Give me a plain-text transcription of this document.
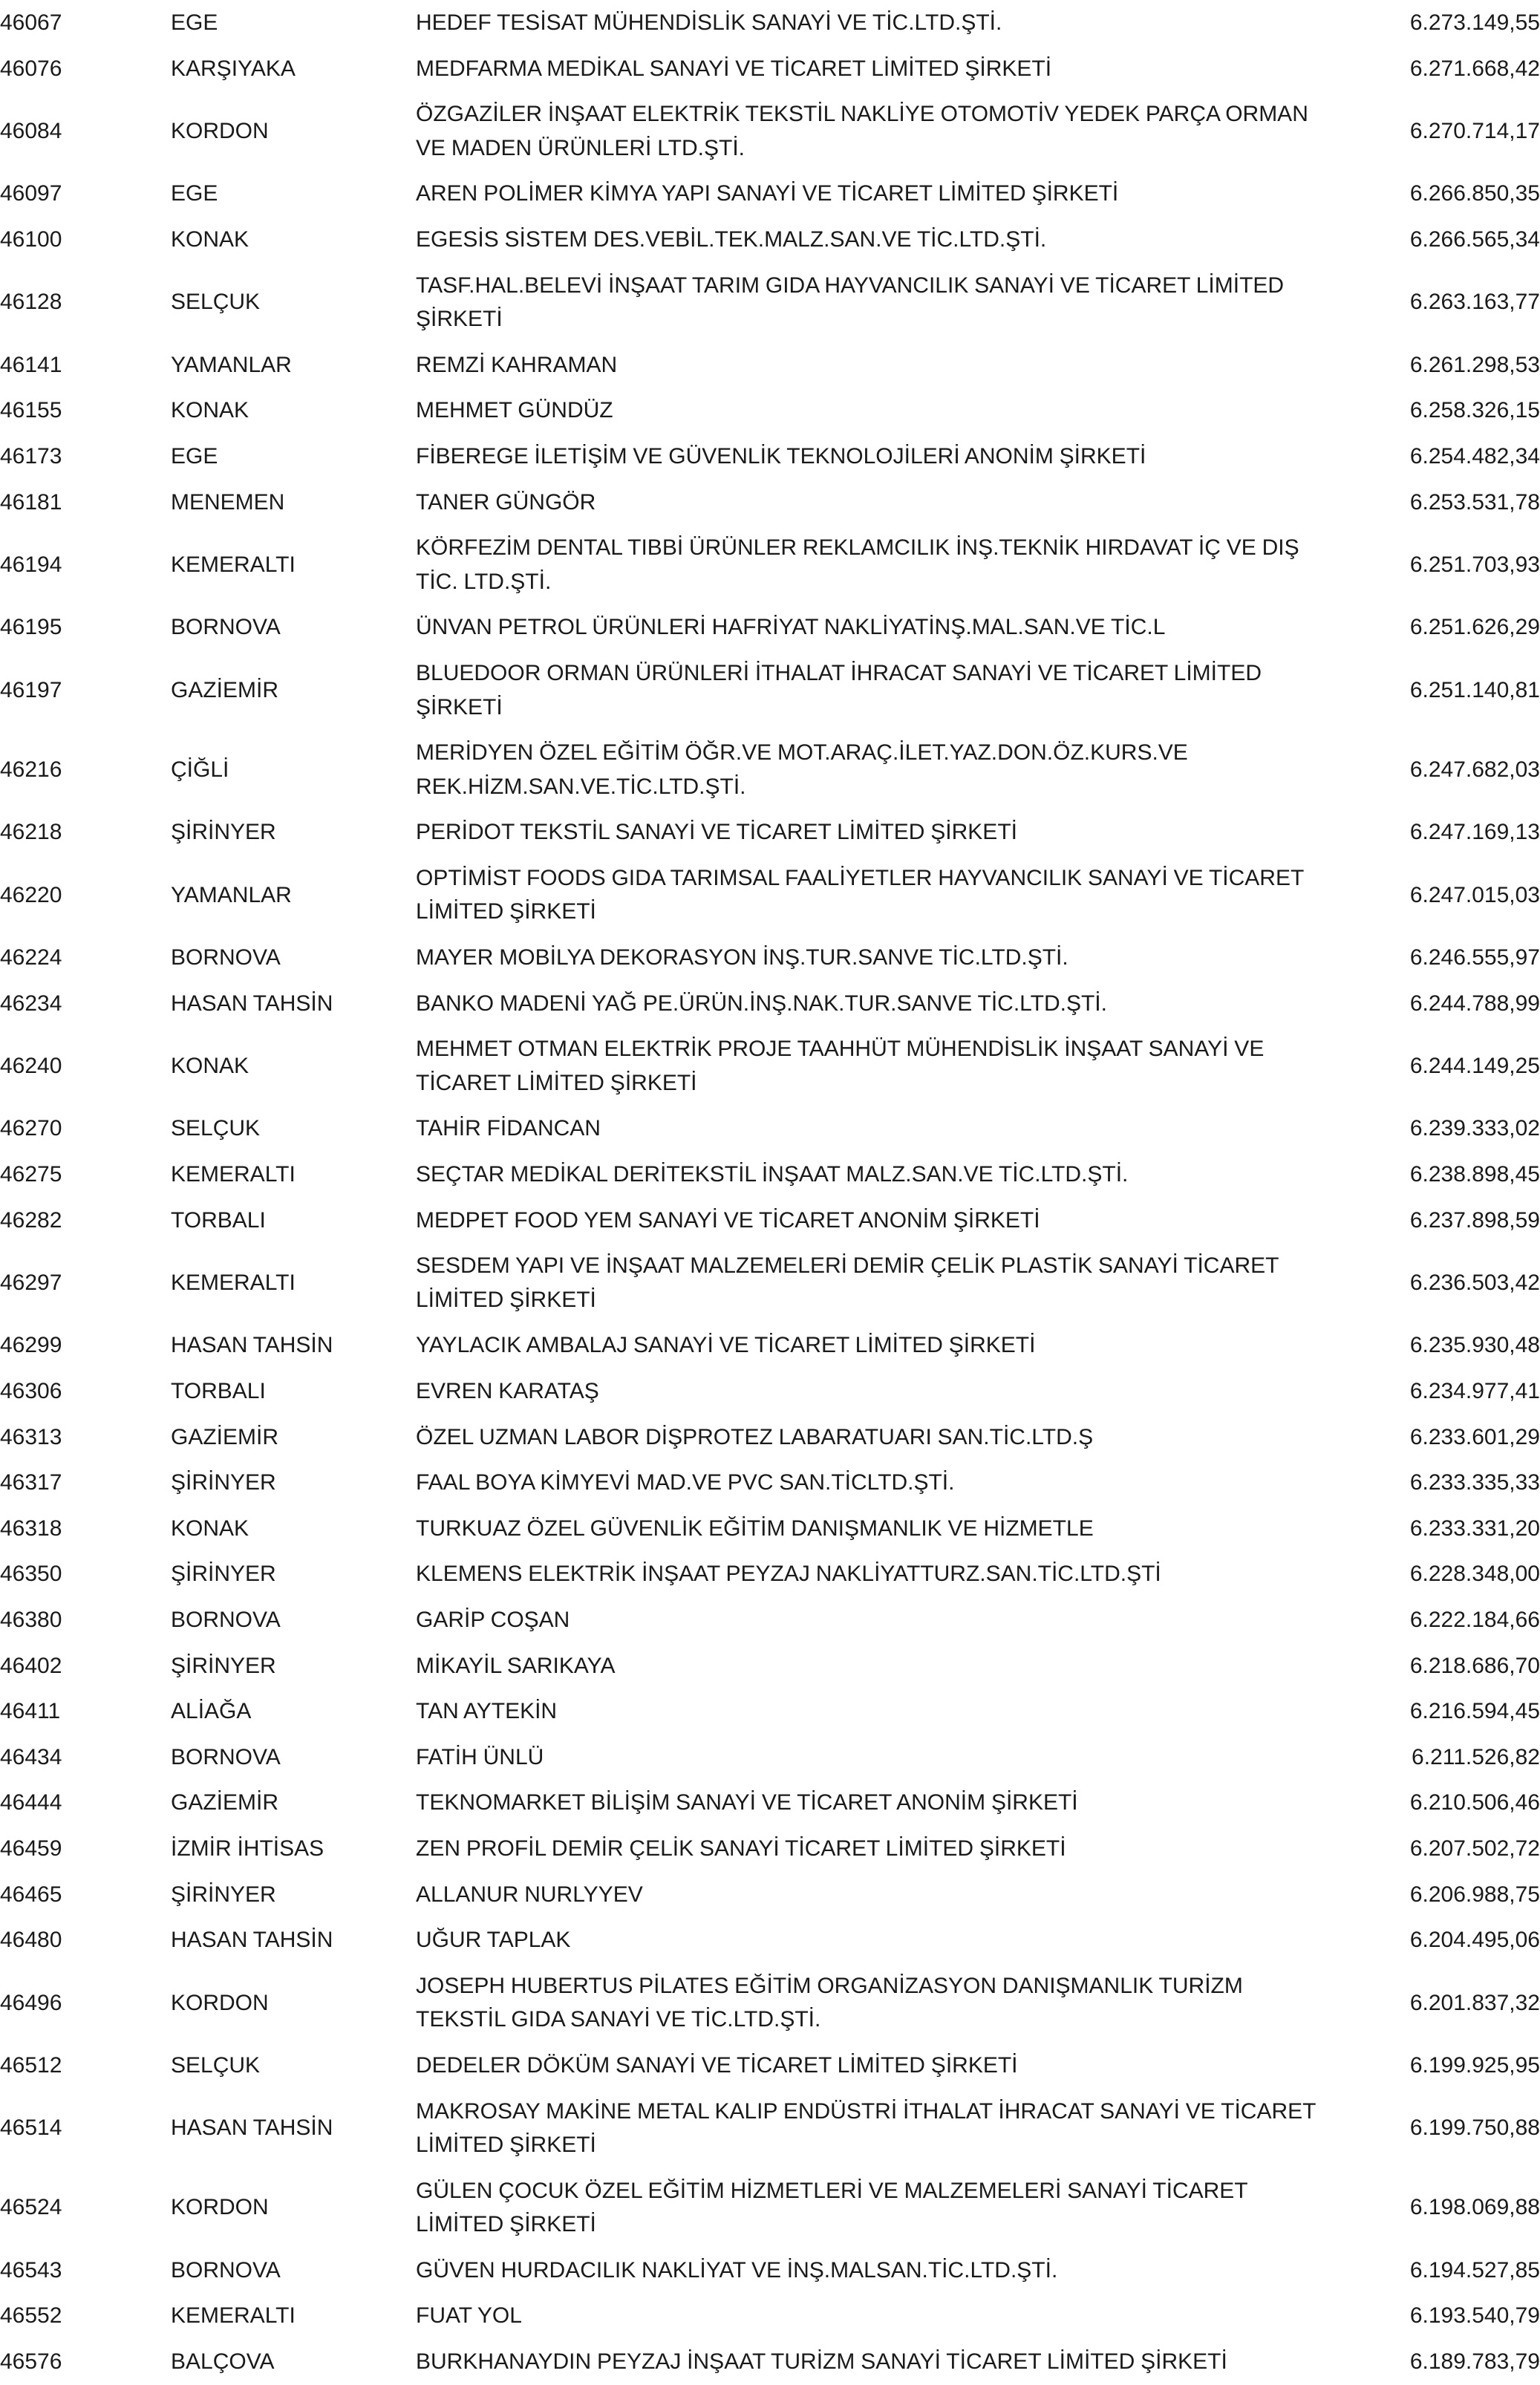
46067		EGE		HEDEF TESİSAT MÜHENDİSLİK SANAYİ VE TİC.LTD.ŞTİ.	6.273.149,55
46076		KARŞIYAKA		MEDFARMA MEDİKAL SANAYİ VE TİCARET LİMİTED ŞİRKETİ	6.271.668,42
46084		KORDON		ÖZGAZİLER İNŞAAT ELEKTRİK TEKSTİL NAKLİYE OTOMOTİV YEDEK PARÇA ORMAN VE MADEN ÜRÜNLERİ LTD.ŞTİ.	6.270.714,17
46097		EGE		AREN POLİMER KİMYA YAPI SANAYİ VE TİCARET LİMİTED ŞİRKETİ	6.266.850,35
46100		KONAK		EGESİS SİSTEM DES.VEBİL.TEK.MALZ.SAN.VE TİC.LTD.ŞTİ.	6.266.565,34
46128		SELÇUK		TASF.HAL.BELEVİ İNŞAAT TARIM GIDA HAYVANCILIK SANAYİ VE TİCARET LİMİTED ŞİRKETİ	6.263.163,77
46141		YAMANLAR		REMZİ KAHRAMAN	6.261.298,53
46155		KONAK		MEHMET GÜNDÜZ	6.258.326,15
46173		EGE		FİBEREGE İLETİŞİM VE GÜVENLİK TEKNOLOJİLERİ ANONİM ŞİRKETİ	6.254.482,34
46181		MENEMEN		TANER GÜNGÖR	6.253.531,78
46194		KEMERALTI		KÖRFEZİM DENTAL TIBBİ ÜRÜNLER REKLAMCILIK İNŞ.TEKNİK HIRDAVAT İÇ VE DIŞ TİC. LTD.ŞTİ.	6.251.703,93
46195		BORNOVA		ÜNVAN PETROL ÜRÜNLERİ HAFRİYAT NAKLİYATİNŞ.MAL.SAN.VE TİC.L	6.251.626,29
46197		GAZİEMİR		BLUEDOOR ORMAN ÜRÜNLERİ İTHALAT İHRACAT SANAYİ VE TİCARET LİMİTED ŞİRKETİ	6.251.140,81
46216		ÇİĞLİ		MERİDYEN ÖZEL EĞİTİM ÖĞR.VE MOT.ARAÇ.İLET.YAZ.DON.ÖZ.KURS.VE REK.HİZM.SAN.VE.TİC.LTD.ŞTİ.	6.247.682,03
46218		ŞİRİNYER		PERİDOT TEKSTİL SANAYİ VE TİCARET LİMİTED ŞİRKETİ	6.247.169,13
46220		YAMANLAR		OPTİMİST FOODS GIDA TARIMSAL FAALİYETLER HAYVANCILIK SANAYİ VE TİCARET LİMİTED ŞİRKETİ	6.247.015,03
46224		BORNOVA		MAYER MOBİLYA DEKORASYON İNŞ.TUR.SANVE TİC.LTD.ŞTİ.	6.246.555,97
46234		HASAN TAHSİN		BANKO MADENİ YAĞ PE.ÜRÜN.İNŞ.NAK.TUR.SANVE TİC.LTD.ŞTİ.	6.244.788,99
46240		KONAK		MEHMET OTMAN ELEKTRİK PROJE TAAHHÜT MÜHENDİSLİK İNŞAAT SANAYİ VE TİCARET LİMİTED ŞİRKETİ	6.244.149,25
46270		SELÇUK		TAHİR FİDANCAN	6.239.333,02
46275		KEMERALTI		SEÇTAR MEDİKAL DERİTEKSTİL İNŞAAT MALZ.SAN.VE TİC.LTD.ŞTİ.	6.238.898,45
46282		TORBALI		MEDPET FOOD YEM SANAYİ VE TİCARET ANONİM ŞİRKETİ	6.237.898,59
46297		KEMERALTI		SESDEM YAPI VE İNŞAAT MALZEMELERİ DEMİR ÇELİK PLASTİK SANAYİ TİCARET LİMİTED ŞİRKETİ	6.236.503,42
46299		HASAN TAHSİN		YAYLACIK AMBALAJ SANAYİ VE TİCARET LİMİTED ŞİRKETİ	6.235.930,48
46306		TORBALI		EVREN KARATAŞ	6.234.977,41
46313		GAZİEMİR		ÖZEL UZMAN LABOR DİŞPROTEZ LABARATUARI SAN.TİC.LTD.Ş	6.233.601,29
46317		ŞİRİNYER		FAAL BOYA KİMYEVİ MAD.VE PVC SAN.TİCLTD.ŞTİ.	6.233.335,33
46318		KONAK		TURKUAZ ÖZEL GÜVENLİK EĞİTİM DANIŞMANLIK VE HİZMETLE	6.233.331,20
46350		ŞİRİNYER		KLEMENS ELEKTRİK İNŞAAT PEYZAJ NAKLİYATTURZ.SAN.TİC.LTD.ŞTİ	6.228.348,00
46380		BORNOVA		GARİP COŞAN	6.222.184,66
46402		ŞİRİNYER		MİKAYİL SARIKAYA	6.218.686,70
46411		ALİAĞA		TAN AYTEKİN	6.216.594,45
46434		BORNOVA		FATİH ÜNLÜ	6.211.526,82
46444		GAZİEMİR		TEKNOMARKET BİLİŞİM SANAYİ VE TİCARET ANONİM ŞİRKETİ	6.210.506,46
46459		İZMİR İHTİSAS		ZEN PROFİL DEMİR ÇELİK SANAYİ TİCARET LİMİTED ŞİRKETİ	6.207.502,72
46465		ŞİRİNYER		ALLANUR NURLYYEV	6.206.988,75
46480		HASAN TAHSİN		UĞUR TAPLAK	6.204.495,06
46496		KORDON		JOSEPH HUBERTUS PİLATES EĞİTİM ORGANİZASYON DANIŞMANLIK TURİZM TEKSTİL GIDA SANAYİ VE TİC.LTD.ŞTİ.	6.201.837,32
46512		SELÇUK		DEDELER DÖKÜM SANAYİ VE TİCARET LİMİTED ŞİRKETİ	6.199.925,95
46514		HASAN TAHSİN		MAKROSAY MAKİNE METAL KALIP ENDÜSTRİ İTHALAT İHRACAT SANAYİ VE TİCARET LİMİTED ŞİRKETİ	6.199.750,88
46524		KORDON		GÜLEN ÇOCUK ÖZEL EĞİTİM HİZMETLERİ VE MALZEMELERİ SANAYİ TİCARET LİMİTED ŞİRKETİ	6.198.069,88
46543		BORNOVA		GÜVEN HURDACILIK NAKLİYAT VE İNŞ.MALSAN.TİC.LTD.ŞTİ.	6.194.527,85
46552		KEMERALTI		FUAT YOL	6.193.540,79
46576		BALÇOVA		BURKHANAYDIN PEYZAJ İNŞAAT TURİZM SANAYİ TİCARET LİMİTED ŞİRKETİ	6.189.783,79
